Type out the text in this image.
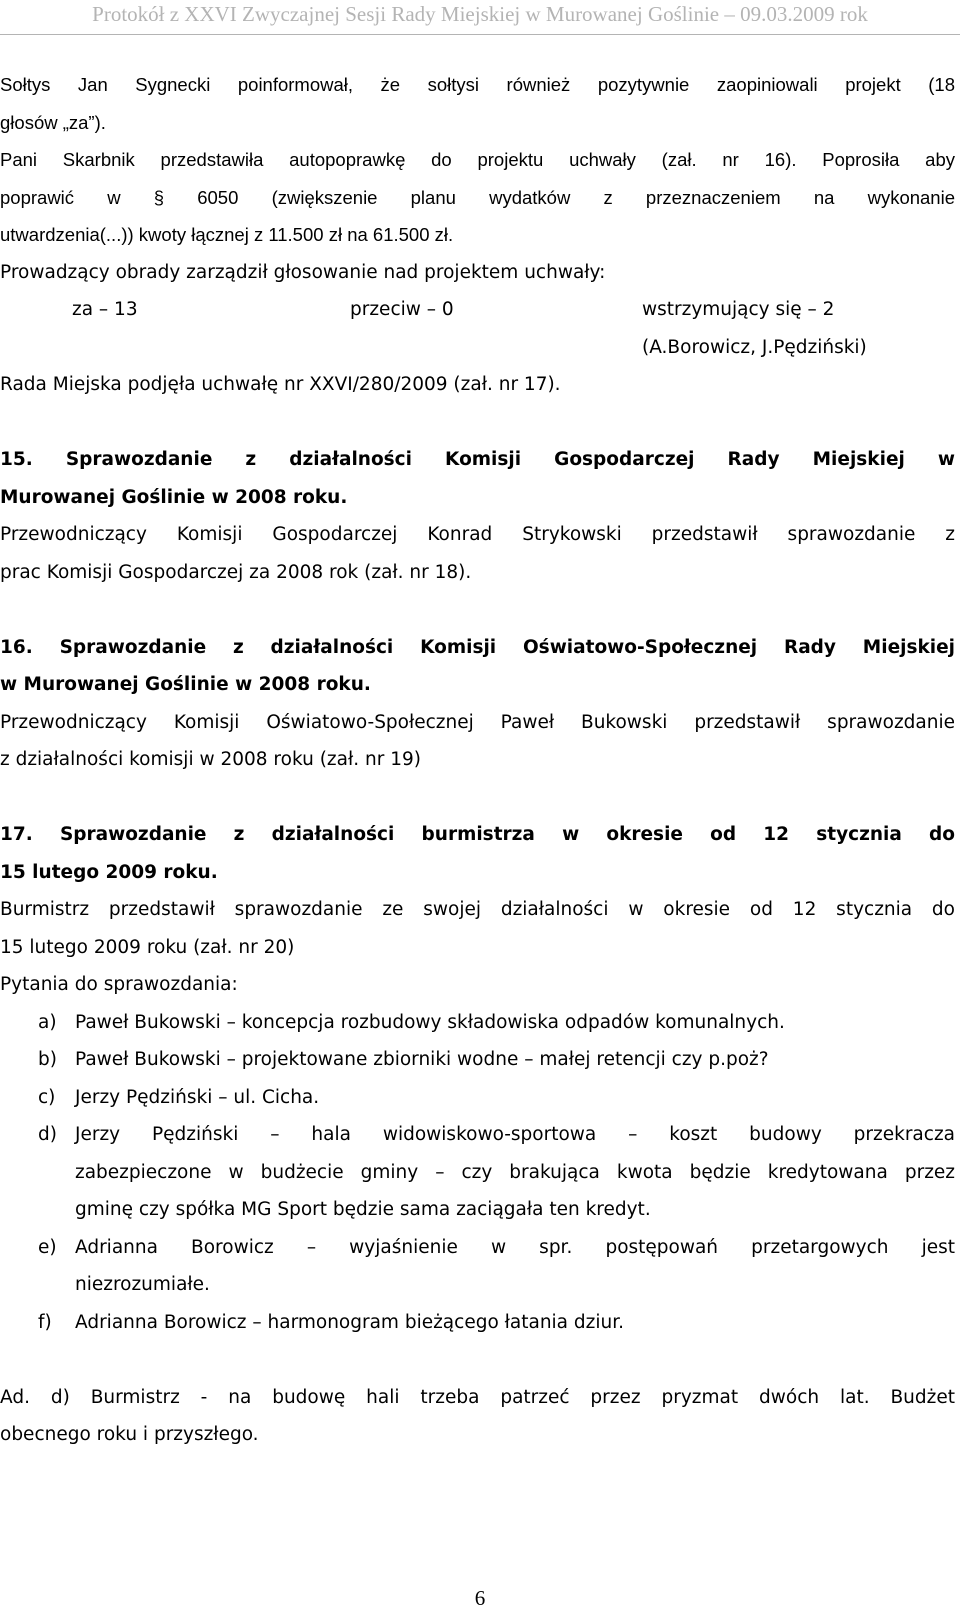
Protokół z XXVI Zwyczajnej Sesji Rady Miejskiej w Murowanej Goślinie – 09.03.2009 rok
Sołtys Jan Sygnecki poinformował, że sołtysi również pozytywnie zaopiniowali projekt (18
głosów „za”).
Pani Skarbnik przedstawiła autopoprawkę do projektu uchwały (zał. nr 16). Poprosiła aby
poprawić w § 6050 (zwiększenie planu wydatków z przeznaczeniem na wykonanie
utwardzenia(...)) kwoty łącznej z 11.500 zł na 61.500 zł.
Prowadzący obrady zarządził głosowanie nad projektem uchwały:
za – 13	przeciw – 0	wstrzymujący się – 2
(A.Borowicz, J.Pędziński)
Rada Miejska podjęła uchwałę nr XXVI/280/2009 (zał. nr 17).
15. Sprawozdanie z działalności Komisji Gospodarczej Rady Miejskiej w
Murowanej Goślinie w 2008 roku.
Przewodniczący Komisji Gospodarczej Konrad Strykowski przedstawił sprawozdanie z
prac Komisji Gospodarczej za 2008 rok (zał. nr 18).
16. Sprawozdanie z działalności Komisji Oświatowo-Społecznej Rady Miejskiej
w Murowanej Goślinie w 2008 roku.
Przewodniczący Komisji Oświatowo-Społecznej Paweł Bukowski przedstawił sprawozdanie
z działalności komisji w 2008 roku (zał. nr 19)
17. Sprawozdanie z działalności burmistrza w okresie od 12 stycznia do
15 lutego 2009 roku.
Burmistrz przedstawił sprawozdanie ze swojej działalności w okresie od 12 stycznia do
15 lutego 2009 roku (zał. nr 20)
Pytania do sprawozdania:
a) Paweł Bukowski – koncepcja rozbudowy składowiska odpadów komunalnych.
b) Paweł Bukowski – projektowane zbiorniki wodne – małej retencji czy p.poż?
c) Jerzy Pędziński – ul. Cicha.
d) Jerzy Pędziński – hala widowiskowo-sportowa – koszt budowy przekracza
zabezpieczone w budżecie gminy – czy brakująca kwota będzie kredytowana przez
gminę czy spółka MG Sport będzie sama zaciągała ten kredyt.
e) Adrianna Borowicz – wyjaśnienie w spr. postępowań przetargowych jest
niezrozumiałe.
f) Adrianna Borowicz – harmonogram bieżącego łatania dziur.
Ad. d) Burmistrz - na budowę hali trzeba patrzeć przez pryzmat dwóch lat. Budżet
obecnego roku i przyszłego.
6
